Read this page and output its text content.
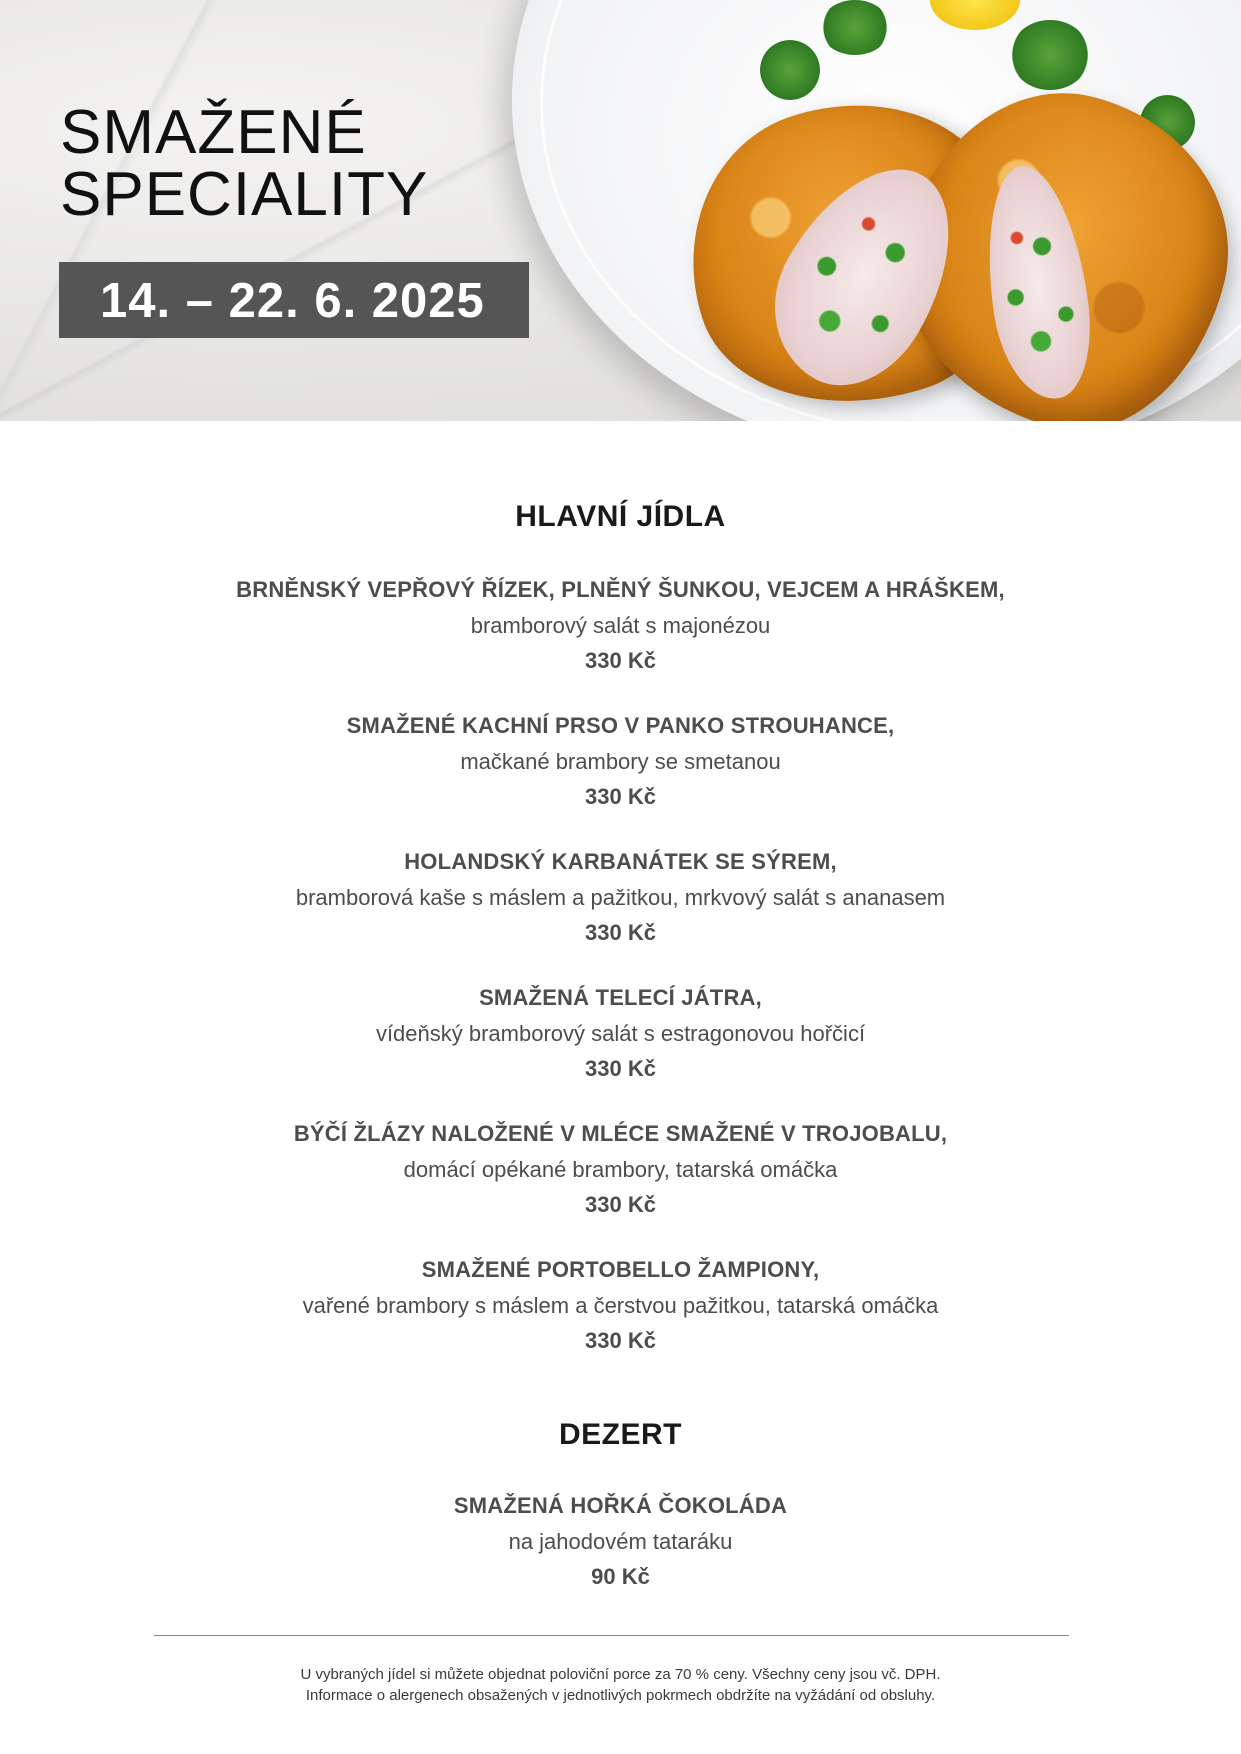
SMAŽENÉ
SPECIALITY
14. – 22. 6. 2025
HLAVNÍ JÍDLA
BRNĚNSKÝ VEPŘOVÝ ŘÍZEK, PLNĚNÝ ŠUNKOU, VEJCEM A HRÁŠKEM,
bramborový salát s majonézou
330 Kč
SMAŽENÉ KACHNÍ PRSO V PANKO STROUHANCE,
mačkané brambory se smetanou
330 Kč
HOLANDSKÝ KARBANÁTEK SE SÝREM,
bramborová kaše s máslem a pažitkou, mrkvový salát s ananasem
330 Kč
SMAŽENÁ TELECÍ JÁTRA,
vídeňský bramborový salát s estragonovou hořčicí
330 Kč
BÝČÍ ŽLÁZY NALOŽENÉ V MLÉCE SMAŽENÉ V TROJOBALU,
domácí opékané brambory, tatarská omáčka
330 Kč
SMAŽENÉ PORTOBELLO ŽAMPIONY,
vařené brambory s máslem a čerstvou pažitkou, tatarská omáčka
330 Kč
DEZERT
SMAŽENÁ HOŘKÁ ČOKOLÁDA
na jahodovém tataráku
90 Kč
U vybraných jídel si můžete objednat poloviční porce za 70 % ceny. Všechny ceny jsou vč. DPH.
Informace o alergenech obsažených v jednotlivých pokrmech obdržíte na vyžádání od obsluhy.
